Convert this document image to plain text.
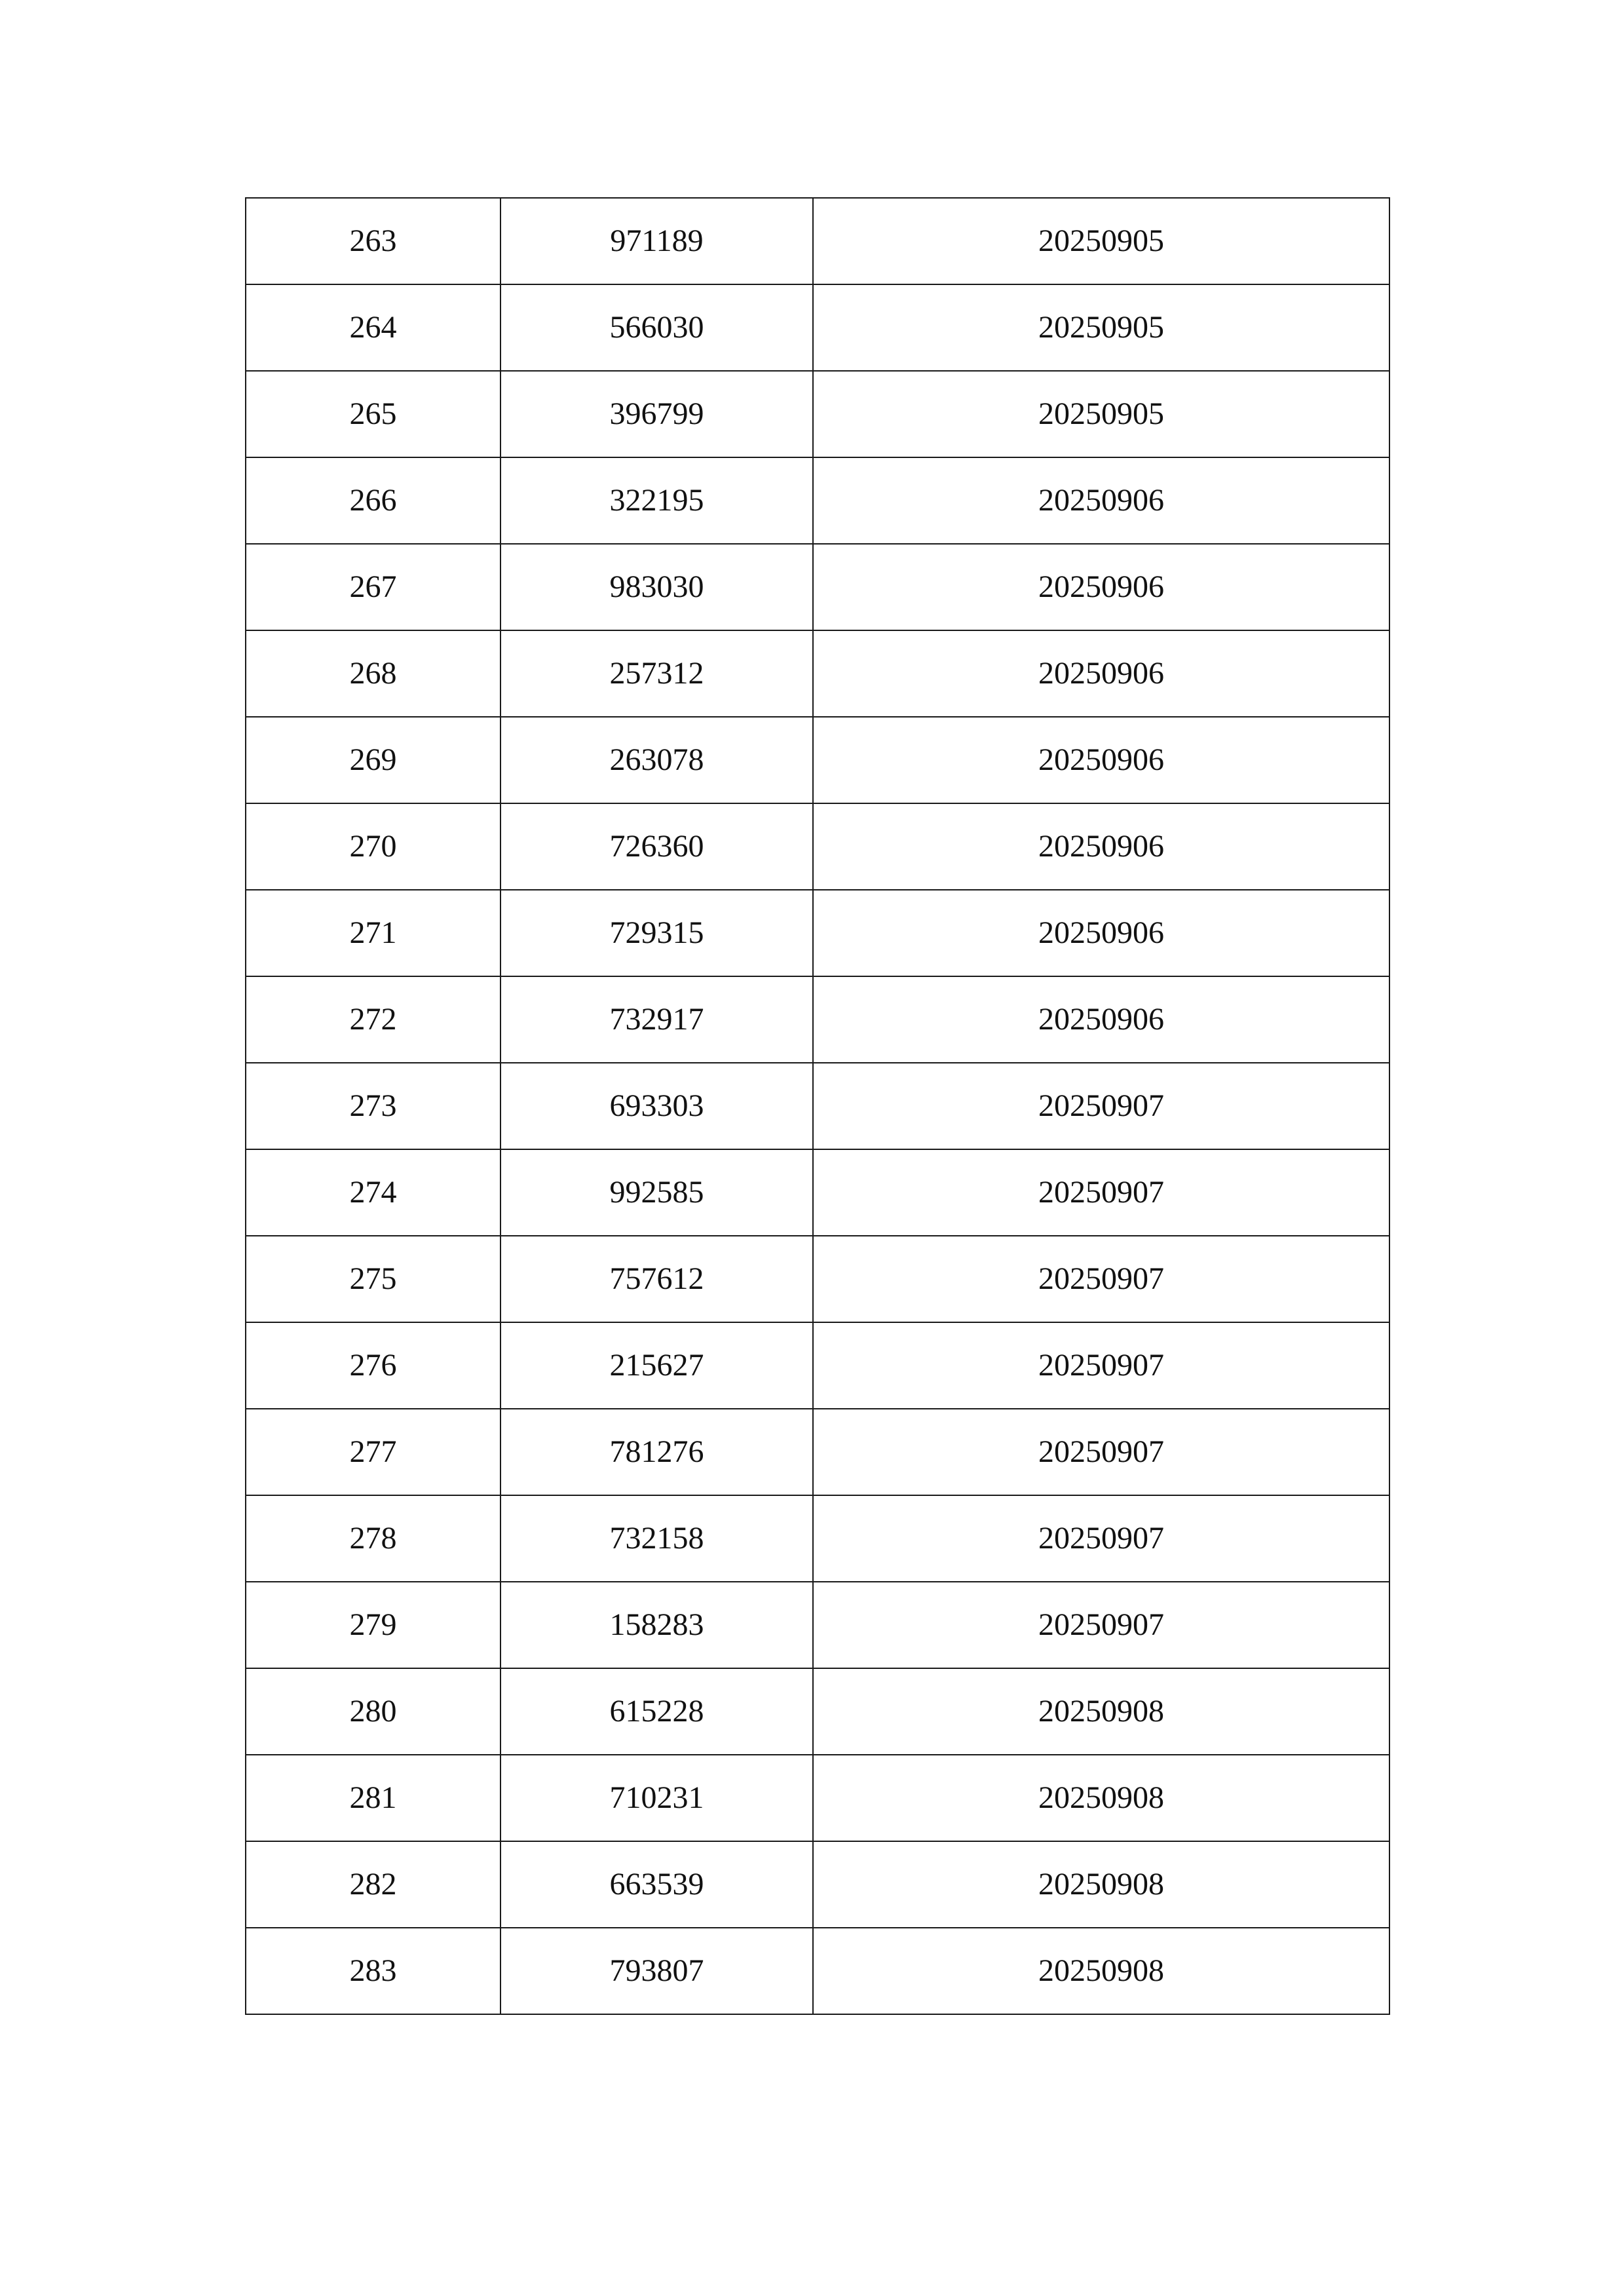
263	971189	20250905
264	566030	20250905
265	396799	20250905
266	322195	20250906
267	983030	20250906
268	257312	20250906
269	263078	20250906
270	726360	20250906
271	729315	20250906
272	732917	20250906
273	693303	20250907
274	992585	20250907
275	757612	20250907
276	215627	20250907
277	781276	20250907
278	732158	20250907
279	158283	20250907
280	615228	20250908
281	710231	20250908
282	663539	20250908
283	793807	20250908
